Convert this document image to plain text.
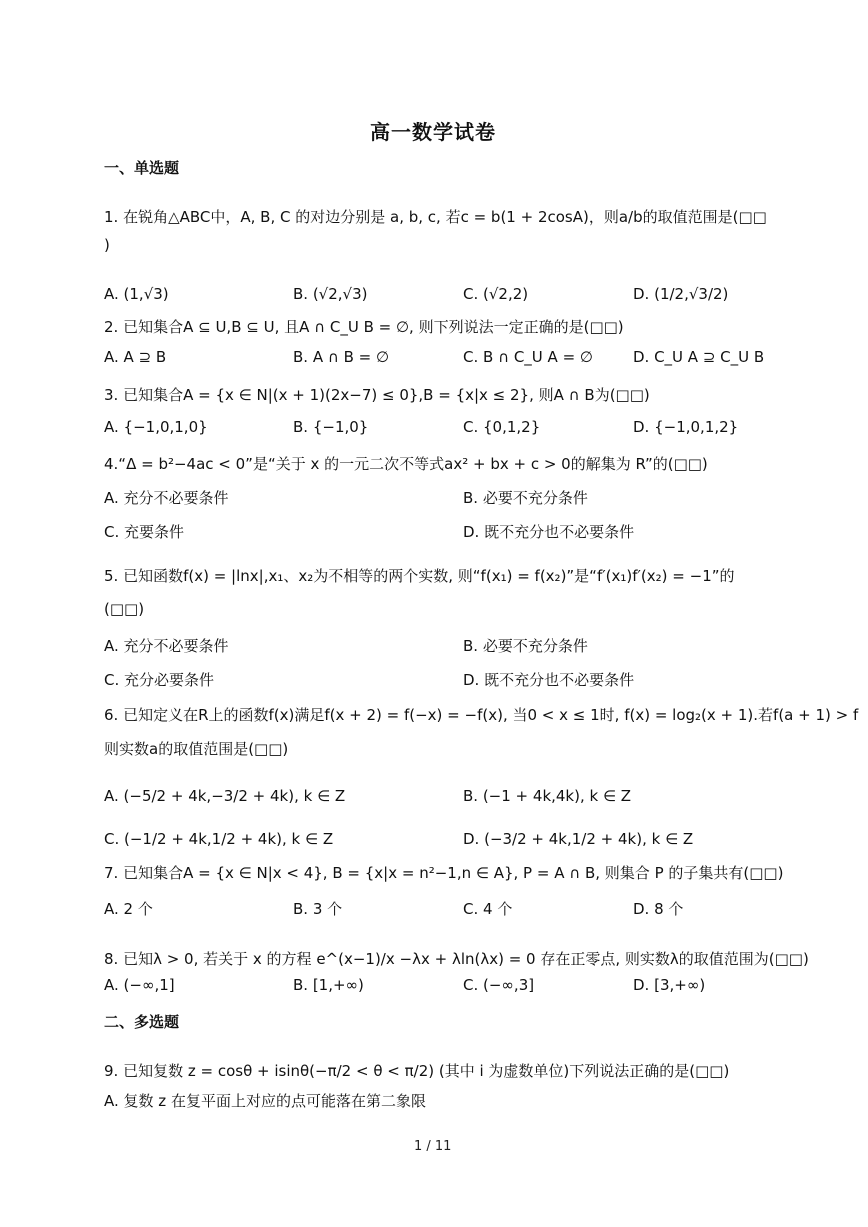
高一数学试卷
一、单选题
1. 在锐角△ABC中，A, B, C 的对边分别是 a, b, c, 若c = b(1 + 2cosA)，则a/b的取值范围是(□□
)
A. (1,√3)	B. (√2,√3)	C. (√2,2)	D. (1/2,√3/2)
2. 已知集合A ⊆ U,B ⊆ U, 且A ∩ C_U B = ∅, 则下列说法一定正确的是(□□)
A. A ⊇ B	B. A ∩ B = ∅	C. B ∩ C_U A = ∅	D. C_U A ⊇ C_U B
3. 已知集合A = {x ∈ N|(x + 1)(2x−7) ≤ 0},B = {x|x ≤ 2}, 则A ∩ B为(□□)
A. {−1,0,1,0}	B. {−1,0}	C. {0,1,2}	D. {−1,0,1,2}
4.“Δ = b²−4ac < 0”是“关于 x 的一元二次不等式ax² + bx + c > 0的解集为 R”的(□□)
A. 充分不必要条件	B. 必要不充分条件
C. 充要条件	D. 既不充分也不必要条件
5. 已知函数f(x) = |lnx|,x₁、x₂为不相等的两个实数, 则“f(x₁) = f(x₂)”是“f′(x₁)f′(x₂) = −1”的
(□□)
A. 充分不必要条件	B. 必要不充分条件
C. 充分必要条件	D. 既不充分也不必要条件
6. 已知定义在R上的函数f(x)满足f(x + 2) = f(−x) = −f(x), 当0 < x ≤ 1时, f(x) = log₂(x + 1).若f(a + 1) > f
则实数a的取值范围是(□□)
A. (−5/2 + 4k,−3/2 + 4k), k ∈ Z	B. (−1 + 4k,4k), k ∈ Z
C. (−1/2 + 4k,1/2 + 4k), k ∈ Z	D. (−3/2 + 4k,1/2 + 4k), k ∈ Z
7. 已知集合A = {x ∈ N|x < 4}, B = {x|x = n²−1,n ∈ A}, P = A ∩ B, 则集合 P 的子集共有(□□)
A. 2 个	B. 3 个	C. 4 个	D. 8 个
8. 已知λ > 0, 若关于 x 的方程 e^(x−1)/x −λx + λln(λx) = 0 存在正零点, 则实数λ的取值范围为(□□)
A. (−∞,1]	B. [1,+∞)	C. (−∞,3]	D. [3,+∞)
二、多选题
9. 已知复数 z = cosθ + isinθ(−π/2 < θ < π/2) (其中 i 为虚数单位)下列说法正确的是(□□)
A. 复数 z 在复平面上对应的点可能落在第二象限
1 / 11
